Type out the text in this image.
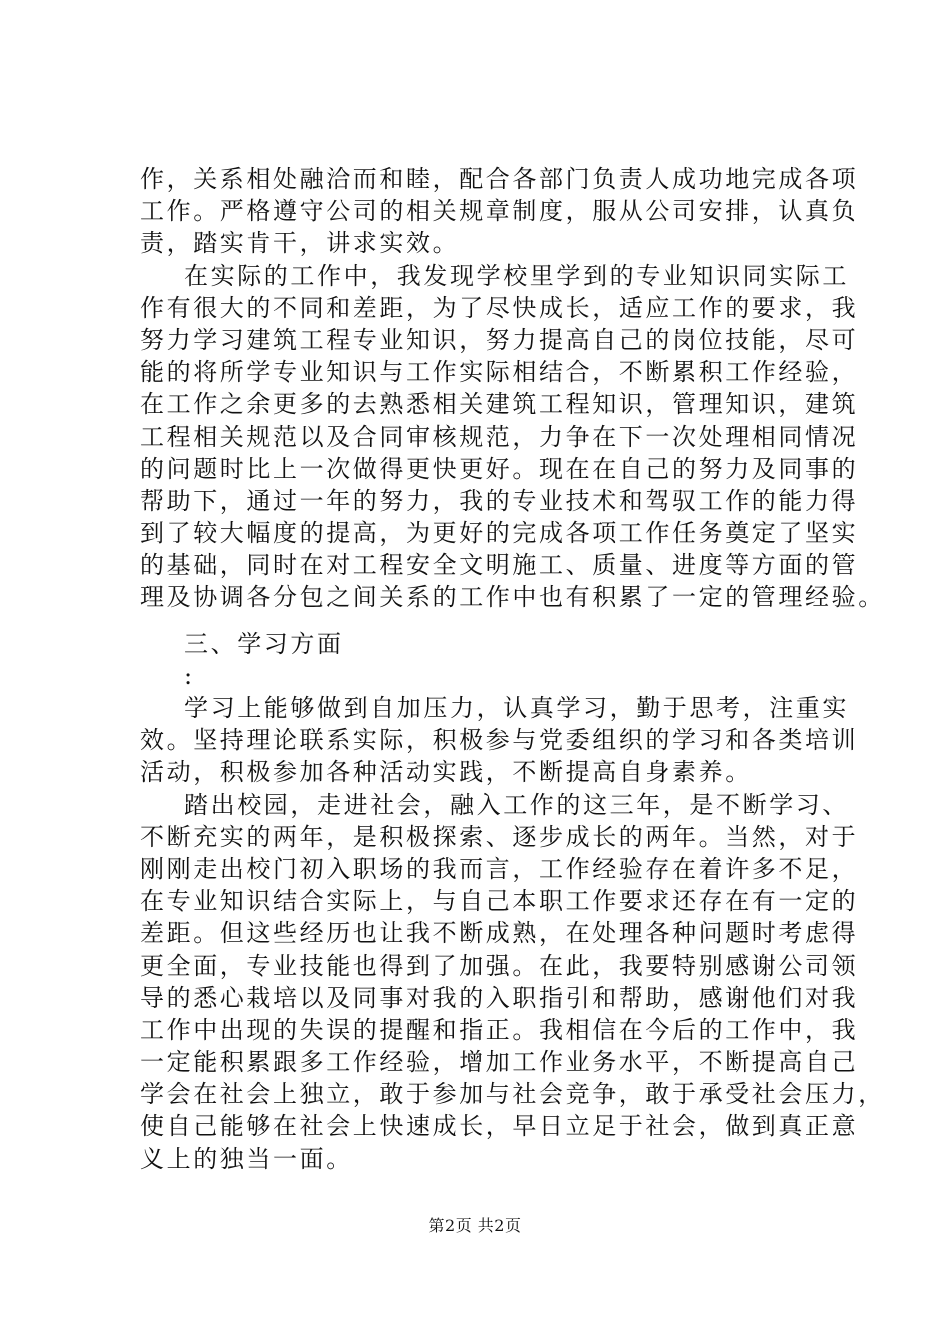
作，关系相处融洽而和睦，配合各部门负责人成功地完成各项
工作。严格遵守公司的相关规章制度，服从公司安排，认真负
责，踏实肯干，讲求实效。
在实际的工作中，我发现学校里学到的专业知识同实际工
作有很大的不同和差距，为了尽快成长，适应工作的要求，我
努力学习建筑工程专业知识，努力提高自己的岗位技能，尽可
能的将所学专业知识与工作实际相结合，不断累积工作经验，
在工作之余更多的去熟悉相关建筑工程知识，管理知识，建筑
工程相关规范以及合同审核规范，力争在下一次处理相同情况
的问题时比上一次做得更快更好。现在在自己的努力及同事的
帮助下，通过一年的努力，我的专业技术和驾驭工作的能力得
到了较大幅度的提高，为更好的完成各项工作任务奠定了坚实
的基础，同时在对工程安全文明施工、质量、进度等方面的管
理及协调各分包之间关系的工作中也有积累了一定的管理经验。
三、学习方面
:
学习上能够做到自加压力，认真学习，勤于思考，注重实
效。坚持理论联系实际，积极参与党委组织的学习和各类培训
活动，积极参加各种活动实践，不断提高自身素养。
踏出校园，走进社会，融入工作的这三年，是不断学习、
不断充实的两年，是积极探索、逐步成长的两年。当然，对于
刚刚走出校门初入职场的我而言，工作经验存在着许多不足，
在专业知识结合实际上，与自己本职工作要求还存在有一定的
差距。但这些经历也让我不断成熟，在处理各种问题时考虑得
更全面，专业技能也得到了加强。在此，我要特别感谢公司领
导的悉心栽培以及同事对我的入职指引和帮助，感谢他们对我
工作中出现的失误的提醒和指正。我相信在今后的工作中，我
一定能积累跟多工作经验，增加工作业务水平，不断提高自己
学会在社会上独立，敢于参加与社会竞争，敢于承受社会压力，
使自己能够在社会上快速成长，早日立足于社会，做到真正意
义上的独当一面。
第2页 共2页
